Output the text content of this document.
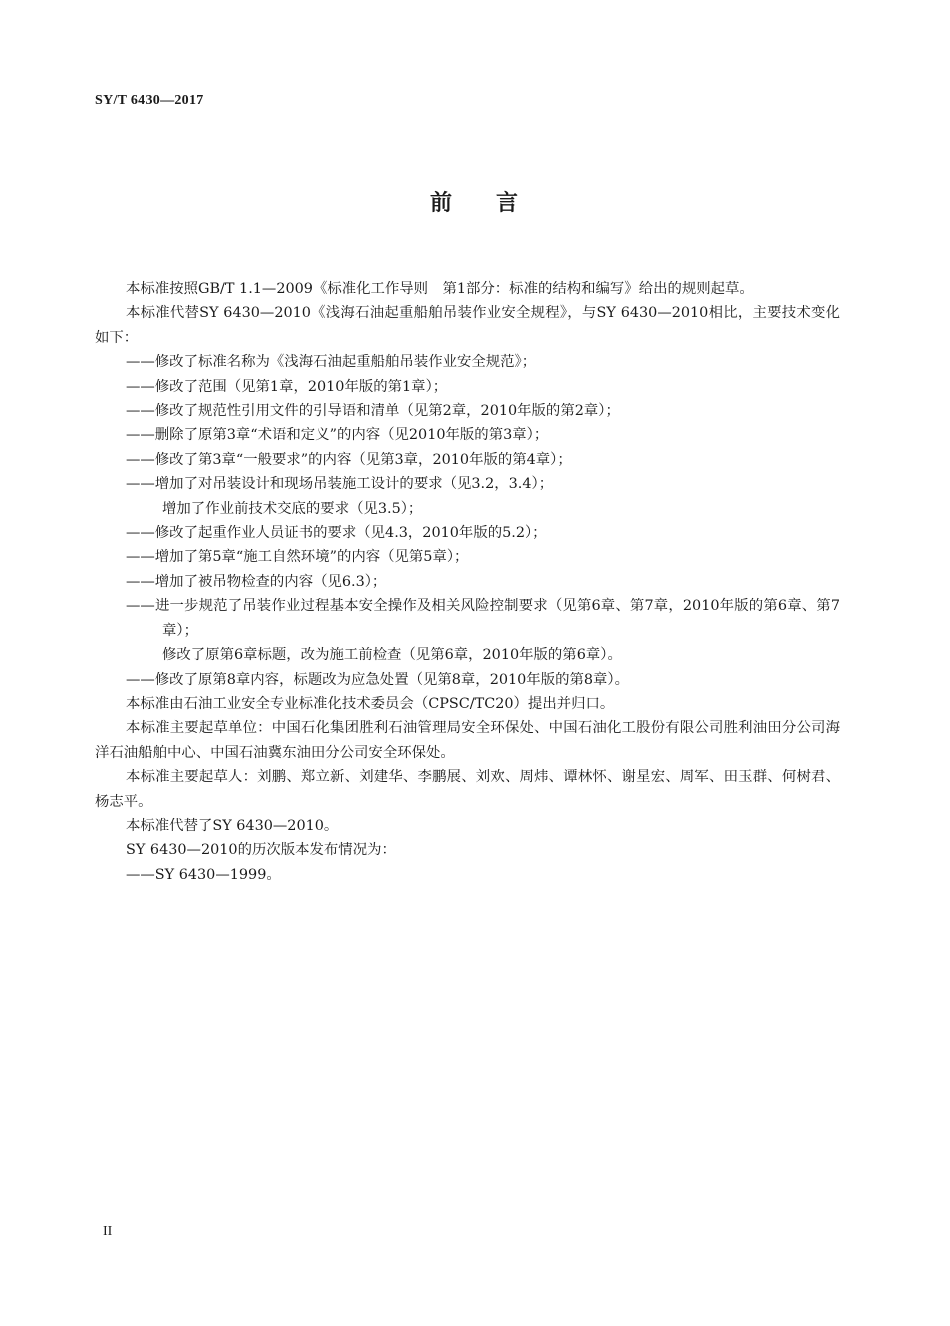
SY/T 6430—2017
前 言

本标准按照GB/T 1.1—2009《标准化工作导则　第1部分：标准的结构和编写》给出的规则起草。

本标准代替SY 6430—2010《浅海石油起重船舶吊装作业安全规程》，与SY 6430—2010相比，主要技术变化如下：

——修改了标准名称为《浅海石油起重船舶吊装作业安全规范》；

——修改了范围（见第1章，2010年版的第1章）；

——修改了规范性引用文件的引导语和清单（见第2章，2010年版的第2章）；

——删除了原第3章“术语和定义”的内容（见2010年版的第3章）；

——修改了第3章“一般要求”的内容（见第3章，2010年版的第4章）；

——增加了对吊装设计和现场吊装施工设计的要求（见3.2，3.4）；

增加了作业前技术交底的要求（见3.5）；

——修改了起重作业人员证书的要求（见4.3，2010年版的5.2）；

——增加了第5章“施工自然环境”的内容（见第5章）；

——增加了被吊物检查的内容（见6.3）；

——进一步规范了吊装作业过程基本安全操作及相关风险控制要求（见第6章、第7章，2010年版的第6章、第7章）；

修改了原第6章标题，改为施工前检查（见第6章，2010年版的第6章）。

——修改了原第8章内容，标题改为应急处置（见第8章，2010年版的第8章）。

本标准由石油工业安全专业标准化技术委员会（CPSC/TC20）提出并归口。

本标准主要起草单位：中国石化集团胜利石油管理局安全环保处、中国石油化工股份有限公司胜利油田分公司海洋石油船舶中心、中国石油冀东油田分公司安全环保处。

本标准主要起草人：刘鹏、郑立新、刘建华、李鹏展、刘欢、周炜、谭林怀、谢星宏、周军、田玉群、何树君、杨志平。

本标准代替了SY 6430—2010。

SY 6430—2010的历次版本发布情况为：

——SY 6430—1999。

II
